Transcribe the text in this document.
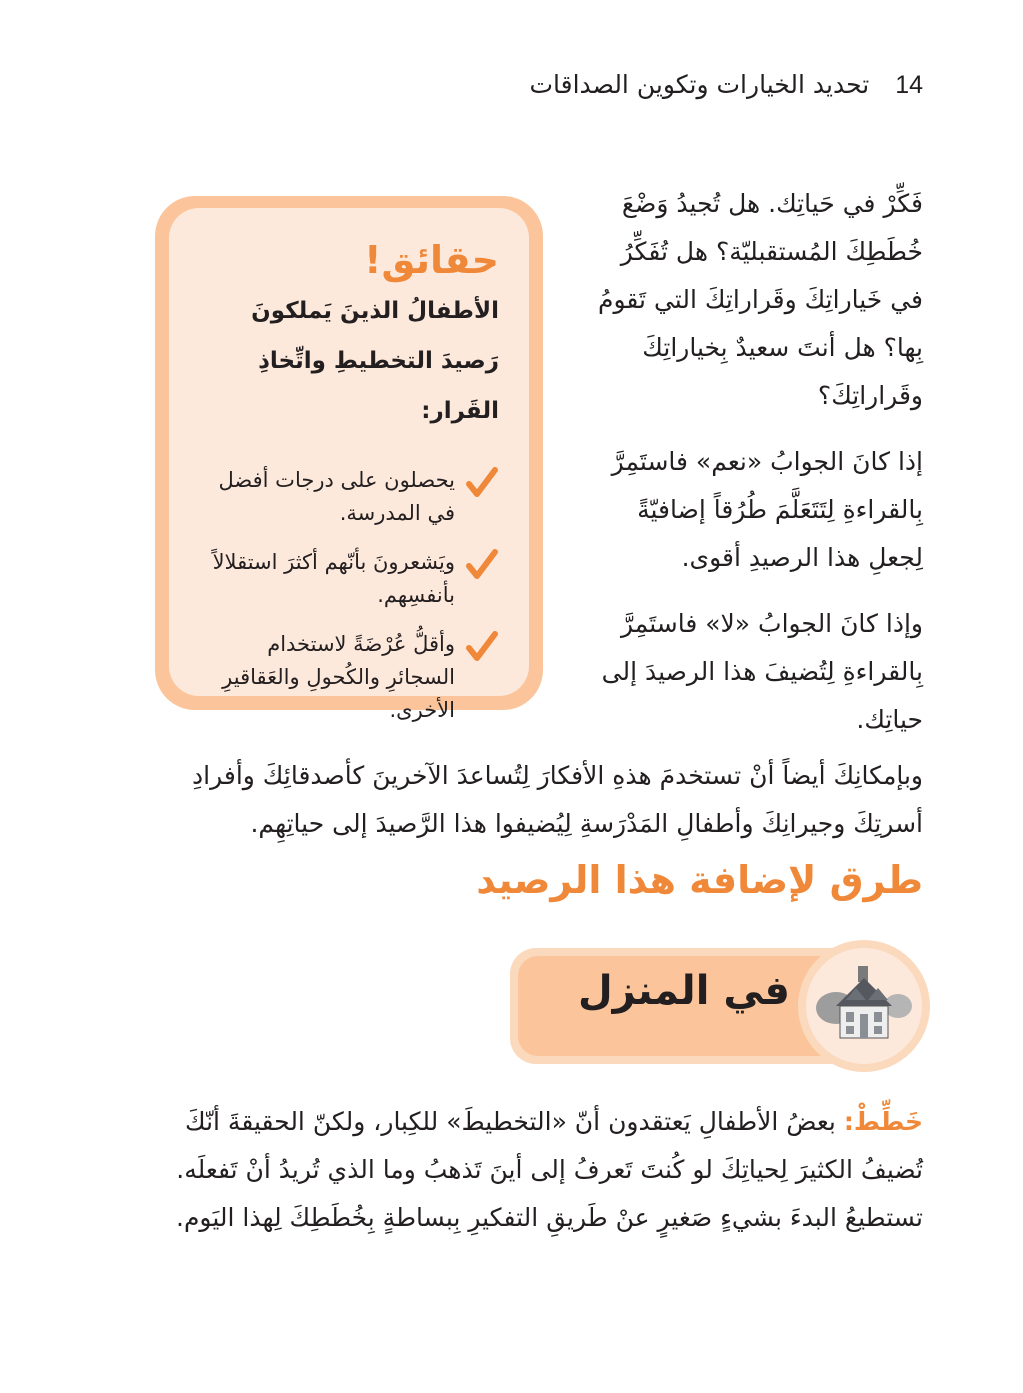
14
تحديد الخيارات وتكوين الصداقات

فَكِّرْ في حَياتِك. هل تُجيدُ وَضْعَ خُطَطِكَ المُستقبليّة؟ هل تُفَكِّرُ في خَياراتِكَ وقَراراتِكَ التي تَقومُ بِها؟ هل أنتَ سعيدٌ بِخياراتِكَ وقَراراتِكَ؟

إذا كانَ الجوابُ «نعم» فاستَمِرَّ بِالقراءةِ لِتَتَعَلَّمَ طُرُقاً إضافيّةً لِجعلِ هذا الرصيدِ أقوى.

وإذا كانَ الجوابُ «لا» فاستَمِرَّ بِالقراءةِ لِتُضيفَ هذا الرصيدَ إلى حياتِك.

حقائق!

الأطفالُ الذينَ يَملكونَ رَصيدَ التخطيطِ واتِّخاذِ القَرار:

يحصلون على درجات أفضل في المدرسة.
ويَشعرونَ بأنّهم أكثرَ استقلالاً بأنفسِهم.
وأقلُّ عُرْضَةً لاستخدام السجائرِ والكُحولِ والعَقاقيرِ الأخرى.

وبإمكانِكَ أيضاً أنْ تستخدمَ هذهِ الأفكارَ لِتُساعدَ الآخرينَ كأصدقائِكَ وأفرادِ أسرتِكَ وجيرانِكَ وأطفالِ المَدْرَسةِ لِيُضيفوا هذا الرَّصيدَ إلى حياتِهِم.

طرق لإضافة هذا الرصيد
في المنزل

خَطِّطْ: بعضُ الأطفالِ يَعتقدون أنّ «التخطيطَ» للكِبار، ولكنّ الحقيقةَ أنّكَ تُضيفُ الكثيرَ لِحياتِكَ لو كُنتَ تَعرفُ إلى أينَ تَذهبُ وما الذي تُريدُ أنْ تَفعلَه. تستطيعُ البدءَ بشيءٍ صَغيرٍ عنْ طَريقِ التفكيرِ بِبساطةٍ بِخُطَطِكَ لِهذا اليَوم.
